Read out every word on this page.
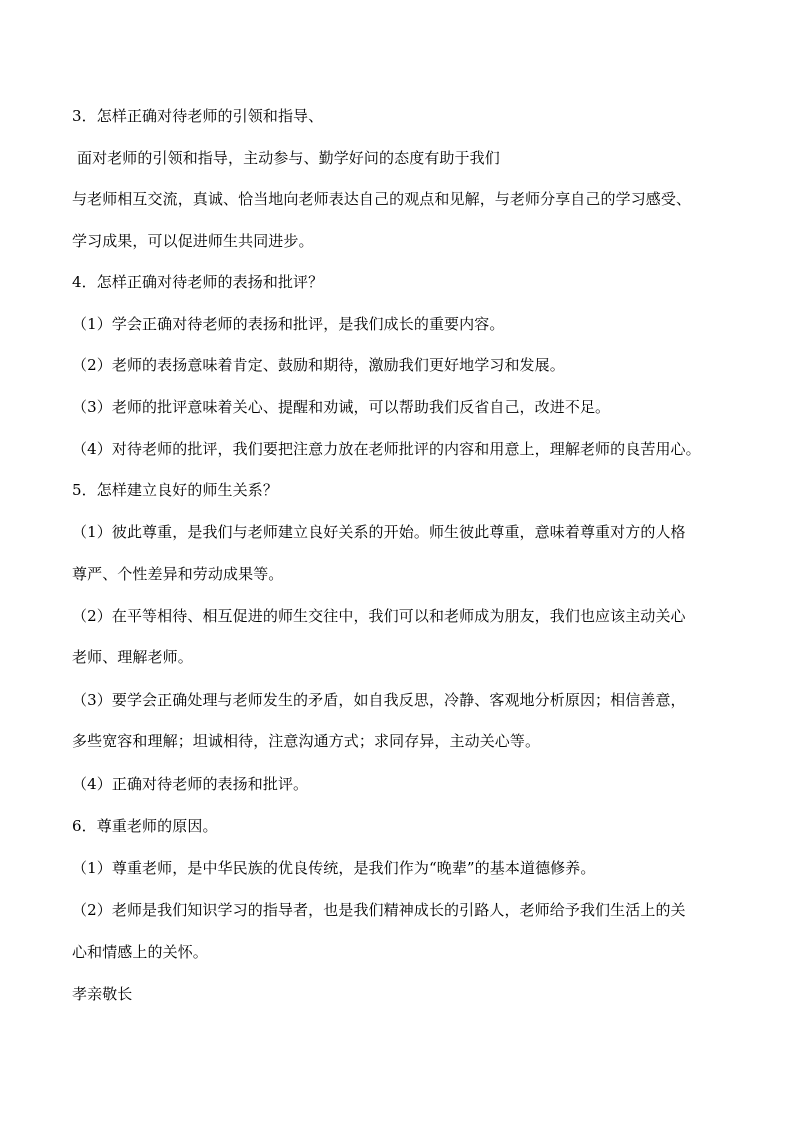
3．怎样正确对待老师的引领和指导、
面对老师的引领和指导，主动参与、勤学好问的态度有助于我们
与老师相互交流，真诚、恰当地向老师表达自己的观点和见解，与老师分享自己的学习感受、
学习成果，可以促进师生共同进步。
4．怎样正确对待老师的表扬和批评？
（1）学会正确对待老师的表扬和批评，是我们成长的重要内容。
（2）老师的表扬意味着肯定、鼓励和期待，激励我们更好地学习和发展。
（3）老师的批评意味着关心、提醒和劝诫，可以帮助我们反省自己，改进不足。
（4）对待老师的批评，我们要把注意力放在老师批评的内容和用意上，理解老师的良苦用心。
5．怎样建立良好的师生关系？
（1）彼此尊重，是我们与老师建立良好关系的开始。师生彼此尊重，意味着尊重对方的人格
尊严、个性差异和劳动成果等。
（2）在平等相待、相互促进的师生交往中，我们可以和老师成为朋友，我们也应该主动关心
老师、理解老师。
（3）要学会正确处理与老师发生的矛盾，如自我反思，冷静、客观地分析原因；相信善意，
多些宽容和理解；坦诚相待，注意沟通方式；求同存异，主动关心等。
（4）正确对待老师的表扬和批评。
6．尊重老师的原因。
（1）尊重老师，是中华民族的优良传统，是我们作为“晚辈”的基本道德修养。
（2）老师是我们知识学习的指导者，也是我们精神成长的引路人，老师给予我们生活上的关
心和情感上的关怀。
孝亲敬长
